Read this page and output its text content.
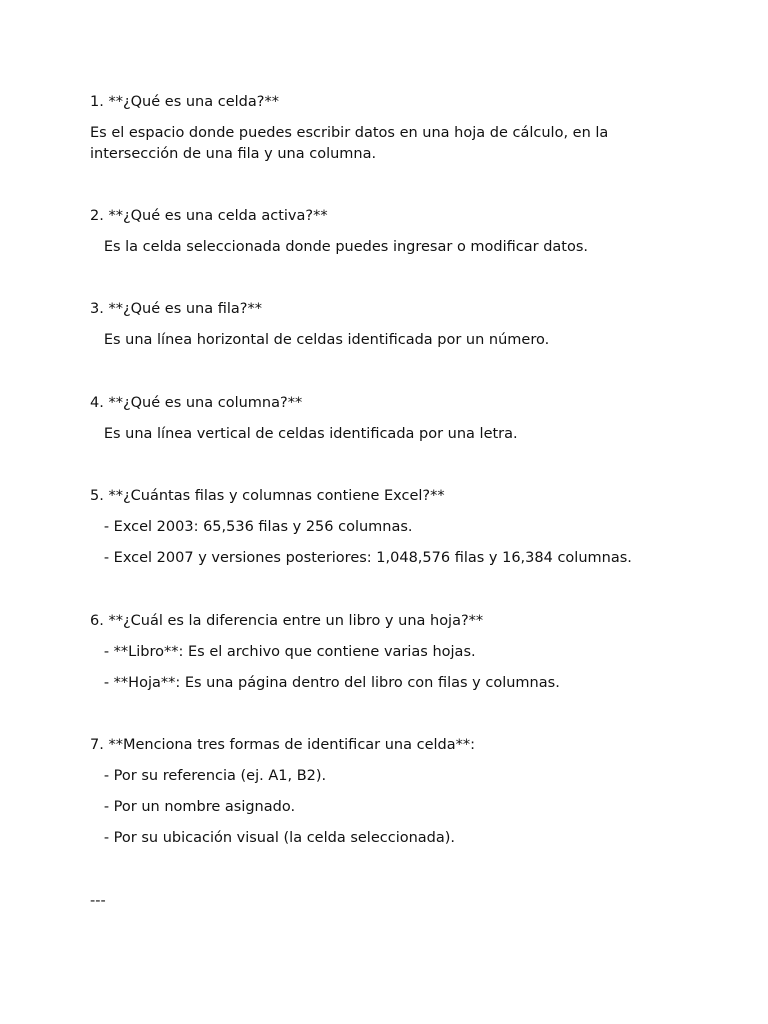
1. **¿Qué es una celda?**
Es el espacio donde puedes escribir datos en una hoja de cálculo, en la intersección de una fila y una columna.
2. **¿Qué es una celda activa?**
Es la celda seleccionada donde puedes ingresar o modificar datos.
3. **¿Qué es una fila?**
Es una línea horizontal de celdas identificada por un número.
4. **¿Qué es una columna?**
Es una línea vertical de celdas identificada por una letra.
5. **¿Cuántas filas y columnas contiene Excel?**
- Excel 2003: 65,536 filas y 256 columnas.
- Excel 2007 y versiones posteriores: 1,048,576 filas y 16,384 columnas.
6. **¿Cuál es la diferencia entre un libro y una hoja?**
- **Libro**: Es el archivo que contiene varias hojas.
- **Hoja**: Es una página dentro del libro con filas y columnas.
7. **Menciona tres formas de identificar una celda**:
- Por su referencia (ej. A1, B2).
- Por un nombre asignado.
- Por su ubicación visual (la celda seleccionada).
---
